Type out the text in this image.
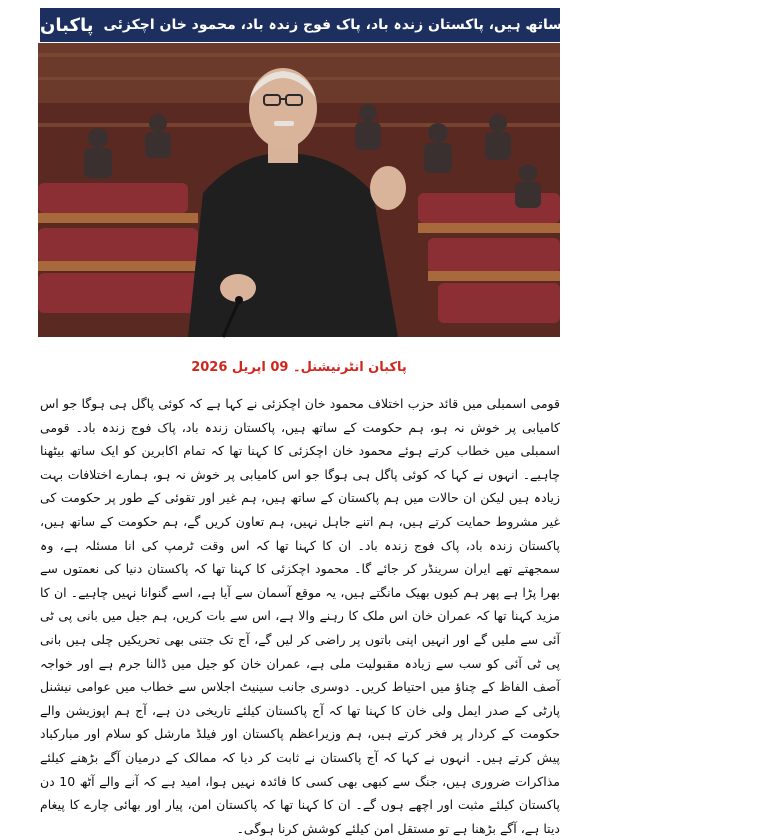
پاکبان جنگ بدی پر ہم حکومت کے ساتھ ہیں، پاکستان زندہ باد، پاک فوج زندہ باد، محمود خان اچکزئی
پاکبان انٹرنیشنل۔ 09 اپریل 2026
قومی اسمبلی میں قائد حزب اختلاف محمود خان اچکزئی نے کہا ہے کہ کوئی پاگل ہی ہوگا جو اس کامیابی پر خوش نہ ہو، ہم حکومت کے ساتھ ہیں، پاکستان زندہ باد، پاک فوج زندہ باد۔ قومی اسمبلی میں خطاب کرتے ہوئے محمود خان اچکزئی کا کہنا تھا کہ تمام اکابرین کو ایک ساتھ بیٹھنا چاہیے۔ انہوں نے کہا کہ کوئی پاگل ہی ہوگا جو اس کامیابی پر خوش نہ ہو، ہمارے اختلافات بہت زیادہ ہیں لیکن ان حالات میں ہم پاکستان کے ساتھ ہیں، ہم غیر اور تقوئی کے طور پر حکومت کی غیر مشروط حمایت کرتے ہیں، ہم اتنے جاہل نہیں، ہم تعاون کریں گے، ہم حکومت کے ساتھ ہیں، پاکستان زندہ باد، پاک فوج زندہ باد۔ ان کا کہنا تھا کہ اس وقت ٹرمپ کی انا مسئلہ ہے، وہ سمجھتے تھے ایران سرینڈر کر جائے گا۔ محمود اچکزئی کا کہنا تھا کہ پاکستان دنیا کی نعمتوں سے بھرا پڑا ہے پھر ہم کیوں بھیک مانگتے ہیں، یہ موقع آسمان سے آیا ہے، اسے گنوانا نہیں چاہیے۔ ان کا مزید کہنا تھا کہ عمران خان اس ملک کا رہنے والا ہے، اس سے بات کریں، ہم جیل میں بانی پی ٹی آئی سے ملیں گے اور انہیں اپنی باتوں پر راضی کر لیں گے، آج تک جتنی بھی تحریکیں چلی ہیں بانی پی ٹی آئی کو سب سے زیادہ مقبولیت ملی ہے، عمران خان کو جیل میں ڈالنا جرم ہے اور خواجہ آصف الفاظ کے چناؤ میں احتیاط کریں۔ دوسری جانب سینیٹ اجلاس سے خطاب میں عوامی نیشنل پارٹی کے صدر ایمل ولی خان کا کہنا تھا کہ آج پاکستان کیلئے تاریخی دن ہے، آج ہم اپوزیشن والے حکومت کے کردار پر فخر کرتے ہیں، ہم وزیراعظم پاکستان اور فیلڈ مارشل کو سلام اور مبارکباد پیش کرتے ہیں۔ انہوں نے کہا کہ آج پاکستان نے ثابت کر دیا کہ ممالک کے درمیان آگے بڑھنے کیلئے مذاکرات ضروری ہیں، جنگ سے کبھی بھی کسی کا فائدہ نہیں ہوا، امید ہے کہ آنے والے آٹھ 10 دن پاکستان کیلئے مثبت اور اچھے ہوں گے۔ ان کا کہنا تھا کہ پاکستان امن، پیار اور بھائی چارے کا پیغام دیتا ہے، آگے بڑھنا ہے تو مستقل امن کیلئے کوشش کرنا ہوگی۔
